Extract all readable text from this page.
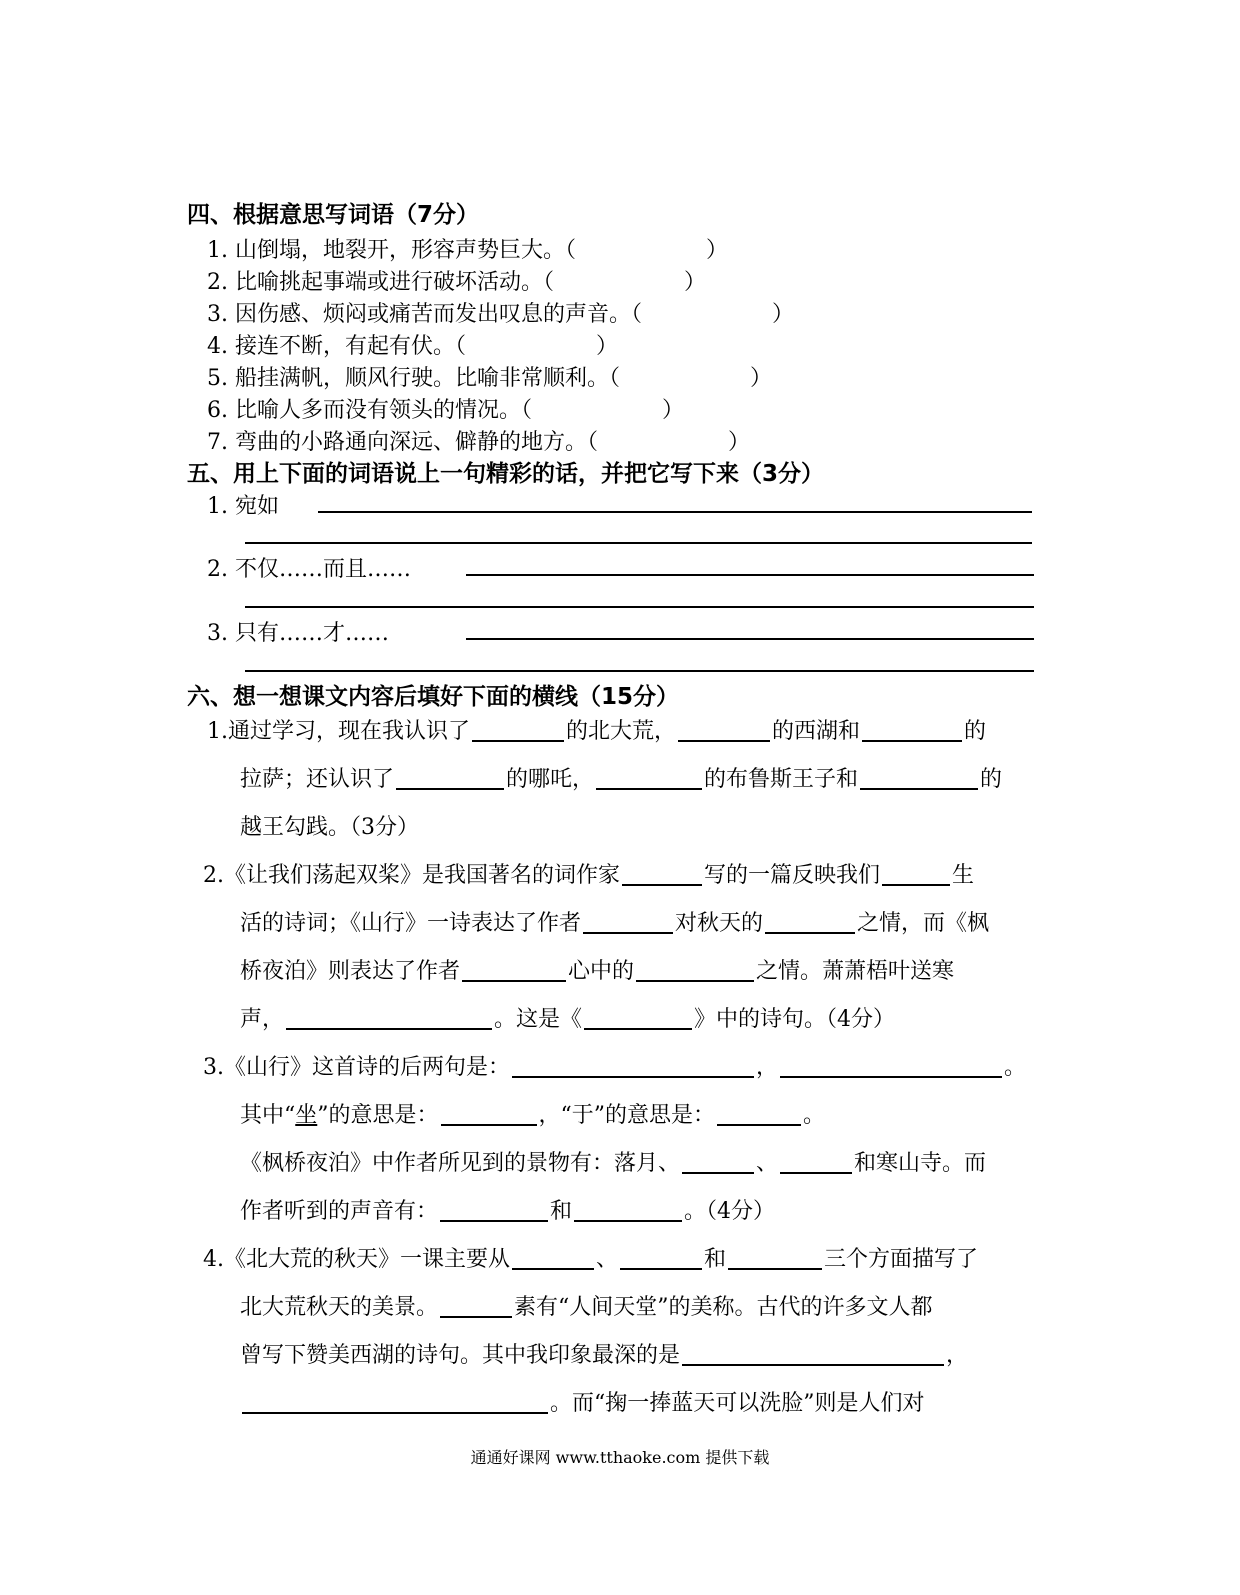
四、根据意思写词语（7分）
1. 山倒塌，地裂开，形容声势巨大。（	）
2. 比喻挑起事端或进行破坏活动。（	）
3. 因伤感、烦闷或痛苦而发出叹息的声音。（	）
4. 接连不断，有起有伏。（	）
5. 船挂满帆，顺风行驶。比喻非常顺利。（	）
6. 比喻人多而没有领头的情况。（	）
7. 弯曲的小路通向深远、僻静的地方。（	）
五、用上下面的词语说上一句精彩的话，并把它写下来（3分）
1. 宛如
2. 不仅……而且……
3. 只有……才……
六、想一想课文内容后填好下面的横线（15分）
1.通过学习，现在我认识了	的北大荒，	的西湖和	的
拉萨；还认识了	的哪吒，	的布鲁斯王子和	的
越王勾践。（3分）
2.《让我们荡起双桨》是我国著名的词作家	写的一篇反映我们	生
活的诗词；《山行》一诗表达了作者	对秋天的	之情，而《枫
桥夜泊》则表达了作者	心中的	之情。萧萧梧叶送寒
声，	。这是《	》中的诗句。（4分）
3.《山行》这首诗的后两句是：	，	。
其中“坐”的意思是：	，“于”的意思是：	。
《枫桥夜泊》中作者所见到的景物有：落月、	、	和寒山寺。而
作者听到的声音有：	和	。（4分）
4.《北大荒的秋天》一课主要从	、	和	三个方面描写了
北大荒秋天的美景。	素有“人间天堂”的美称。古代的许多文人都
曾写下赞美西湖的诗句。其中我印象最深的是	，
。而“掬一捧蓝天可以洗脸”则是人们对
通通好课网 www.tthaoke.com 提供下载
